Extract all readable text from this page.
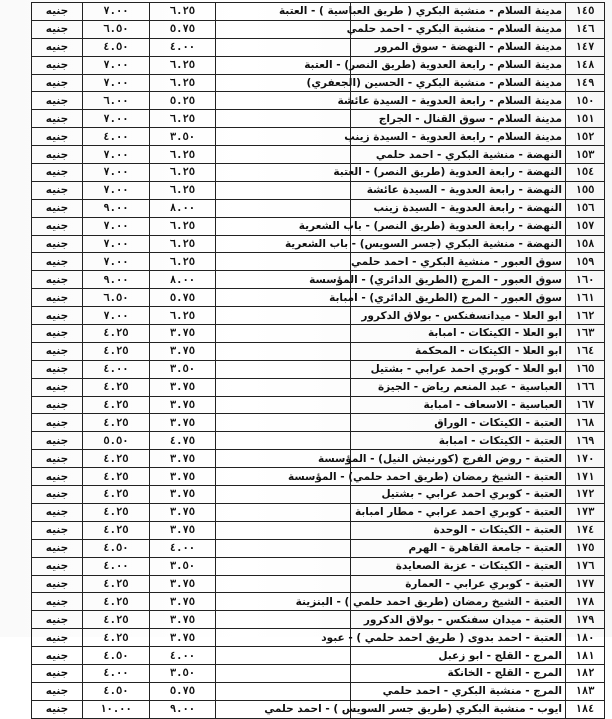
جنيه	٧.٠٠	٦.٢٥		مدينة السلام - منشية البكري ( طريق العباسية ) - العتبة	١٤٥
جنيه	٦.٥٠	٥.٧٥		مدينة السلام - منشية البكري - احمد حلمي	١٤٦
جنيه	٤.٥٠	٤.٠٠		مدينة السلام - النهضة - سوق المرور	١٤٧
جنيه	٧.٠٠	٦.٢٥		مدينة السلام - رابعة العدوية (طريق النصر) - العتبة	١٤٨
جنيه	٧.٠٠	٦.٢٥		مدينة السلام - منشية البكري - الحسين (الجعفري)	١٤٩
جنيه	٦.٠٠	٥.٢٥		مدينة السلام - رابعة العدوية - السيدة عائشة	١٥٠
جنيه	٧.٠٠	٦.٢٥		مدينة السلام - سوق القنال - الجراج	١٥١
جنيه	٤.٠٠	٣.٥٠		مدينة السلام - رابعة العدوية - السيدة زينب	١٥٢
جنيه	٧.٠٠	٦.٢٥		النهضة - منشية البكري - احمد حلمي	١٥٣
جنيه	٧.٠٠	٦.٢٥		النهضة - رابعة العدوية (طريق النصر) - العتبة	١٥٤
جنيه	٧.٠٠	٦.٢٥		النهضة - رابعة العدوية - السيدة عائشة	١٥٥
جنيه	٩.٠٠	٨.٠٠		النهضة - رابعة العدوية - السيدة زينب	١٥٦
جنيه	٧.٠٠	٦.٢٥		النهضة - رابعة العدوية (طريق النصر) - باب الشعرية	١٥٧
جنيه	٧.٠٠	٦.٢٥		النهضة - منشية البكري (جسر السويس) - باب الشعرية	١٥٨
جنيه	٧.٠٠	٦.٢٥		سوق العبور - منشية البكري - احمد حلمي	١٥٩
جنيه	٩.٠٠	٨.٠٠		سوق العبور - المرج (الطريق الدائري) - المؤسسة	١٦٠
جنيه	٦.٥٠	٥.٧٥		سوق العبور - المرج (الطريق الدائري) - امبابة	١٦١
جنيه	٧.٠٠	٦.٢٥		ابو العلا - ميدانسفنكس - بولاق الدكرور	١٦٢
جنيه	٤.٢٥	٣.٧٥		ابو العلا - الكيتكات - امبابة	١٦٣
جنيه	٤.٢٥	٣.٧٥		ابو العلا - الكيتكات - المحكمة	١٦٤
جنيه	٤.٠٠	٣.٥٠		ابو العلا - كوبري احمد عرابي - بشتيل	١٦٥
جنيه	٤.٢٥	٣.٧٥		العباسية - عبد المنعم رياض - الجيزة	١٦٦
جنيه	٤.٢٥	٣.٧٥		العباسية - الاسعاف - امبابة	١٦٧
جنيه	٤.٢٥	٣.٧٥		العتبة - الكيتكات - الوراق	١٦٨
جنيه	٥.٥٠	٤.٧٥		العتبة - الكيتكات - امبابة	١٦٩
جنيه	٤.٢٥	٣.٧٥		العتبة - روض الفرج (كورنيش النيل) - المؤسسة	١٧٠
جنيه	٤.٢٥	٣.٧٥		العتبة - الشيخ رمضان (طريق احمد حلمي) - المؤسسة	١٧١
جنيه	٤.٢٥	٣.٧٥		العتبة - كوبري احمد عرابي - بشتيل	١٧٢
جنيه	٤.٢٥	٣.٧٥		العتبة - كوبري احمد عرابي - مطار امبابة	١٧٣
جنيه	٤.٢٥	٣.٧٥		العتبة - الكيتكات - الوحدة	١٧٤
جنيه	٤.٥٠	٤.٠٠		العتبة - جامعة القاهرة - الهرم	١٧٥
جنيه	٤.٠٠	٣.٥٠		العتبة - الكيتكات - عزبة الصعايدة	١٧٦
جنيه	٤.٢٥	٣.٧٥		العتبة - كوبري عرابي - العمارة	١٧٧
جنيه	٤.٢٥	٣.٧٥		العتبة - الشيخ رمضان (طريق احمد حلمي ) - البنزينة	١٧٨
جنيه	٤.٢٥	٣.٧٥		العتبة - ميدان سفنكس - بولاق الدكرور	١٧٩
جنيه	٤.٢٥	٣.٧٥		العتبة - احمد بدوى ( طريق احمد حلمي ) - عبود	١٨٠
جنيه	٤.٥٠	٤.٠٠		المرج - القلج - ابو زعبل	١٨١
جنيه	٤.٠٠	٣.٥٠		المرج - القلج - الخانكة	١٨٢
جنيه	٤.٥٠	٥.٧٥		المرج - منشية البكري - احمد حلمي	١٨٣
جنيه	١٠.٠٠	٩.٠٠		ايوب - منشية البكري (طريق جسر السويس ) - احمد حلمي	١٨٤
